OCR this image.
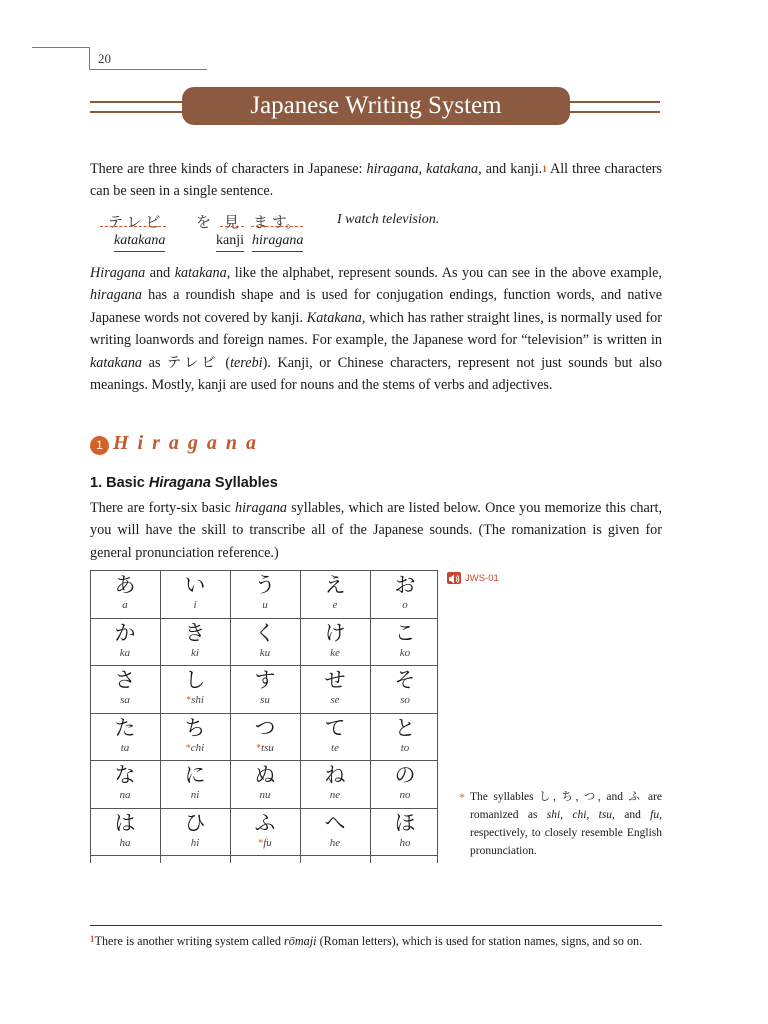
20
Japanese Writing System
There are three kinds of characters in Japanese: hiragana, katakana, and kanji.$^1$ All three characters can be seen in a single sentence.
テ レ ビ を 見 ま す。	I watch television.
katakana	kanji hiragana
Hiragana and katakana, like the alphabet, represent sounds. As you can see in the above example, hiragana has a roundish shape and is used for conjugation endings, function words, and native Japanese words not covered by kanji. Katakana, which has rather straight lines, is normally used for writing loanwords and foreign names. For example, the Japanese word for “television” is written in katakana as テレビ (terebi). Kanji, or Chinese characters, represent not just sounds but also meanings. Mostly, kanji are used for nouns and the stems of verbs and adjectives.
1 Hiragana
1. Basic Hiragana Syllables
There are forty-six basic hiragana syllables, which are listed below. Once you memorize this chart, you will have the skill to transcribe all of the Japanese sounds. (The romanization is given for general pronunciation reference.)
あ
a
い
i
う
u
え
e
お
o
か
ka
き
ki
く
ku
け
ke
こ
ko
さ
sa
し
*shi
す
su
せ
se
そ
so
た
ta
ち
*chi
つ
*tsu
て
te
と
to
な
na
に
ni
ぬ
nu
ね
ne
の
no
は
ha
ひ
hi
ふ
*fu
へ
he
ほ
ho
JWS-01
* The syllables し, ち, つ, and ふ are romanized as shi, chi, tsu, and fu, respectively, to closely resemble English pronunciation.
$^1$There is another writing system called rōmaji (Roman letters), which is used for station names, signs, and so on.
